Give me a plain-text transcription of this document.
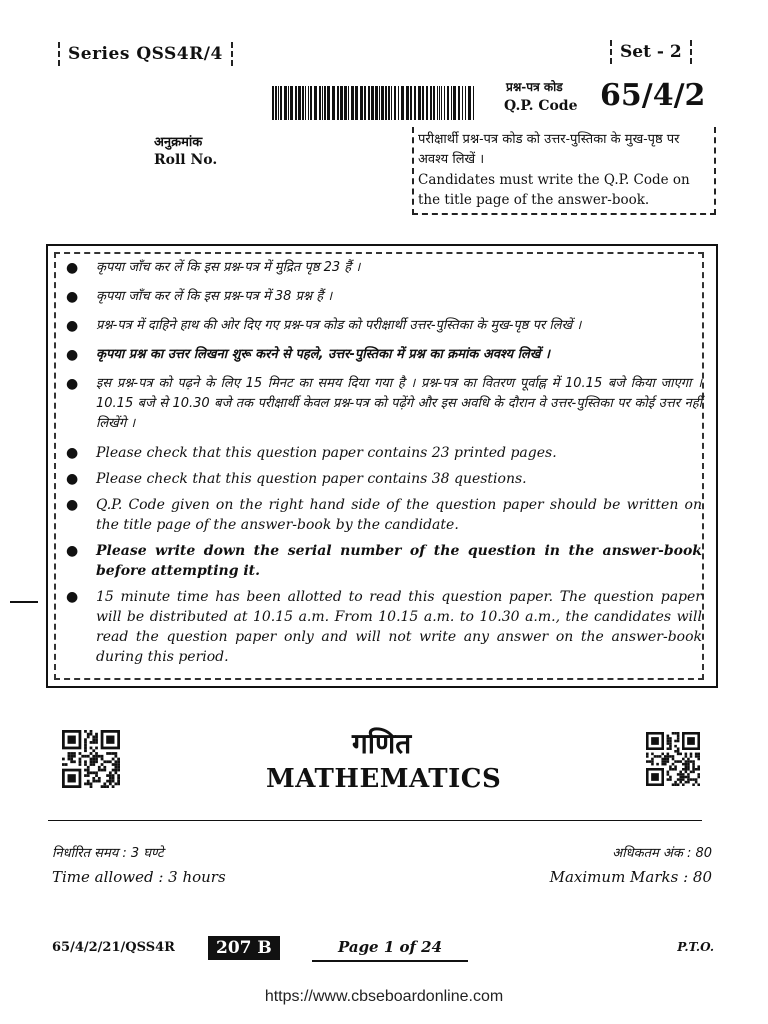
Series QSS4R/4	Set - 2
प्रश्न-पत्र कोड
Q.P. Code 65/4/2
अनुक्रमांक
Roll No.
परीक्षार्थी प्रश्न-पत्र कोड को उत्तर-पुस्तिका के मुख-पृष्ठ पर अवश्य लिखें ।
Candidates must write the Q.P. Code on the title page of the answer-book.
● कृपया जाँच कर लें कि इस प्रश्न-पत्र में मुद्रित पृष्ठ 23 हैं ।
● कृपया जाँच कर लें कि इस प्रश्न-पत्र में 38 प्रश्न हैं ।
● प्रश्न-पत्र में दाहिने हाथ की ओर दिए गए प्रश्न-पत्र कोड को परीक्षार्थी उत्तर-पुस्तिका के मुख-पृष्ठ पर लिखें ।
● कृपया प्रश्न का उत्तर लिखना शुरू करने से पहले, उत्तर-पुस्तिका में प्रश्न का क्रमांक अवश्य लिखें ।
● इस प्रश्न-पत्र को पढ़ने के लिए 15 मिनट का समय दिया गया है । प्रश्न-पत्र का वितरण पूर्वाह्न में 10.15 बजे किया जाएगा । 10.15 बजे से 10.30 बजे तक परीक्षार्थी केवल प्रश्न-पत्र को पढ़ेंगे और इस अवधि के दौरान वे उत्तर-पुस्तिका पर कोई उत्तर नहीं लिखेंगे ।
● Please check that this question paper contains 23 printed pages.
● Please check that this question paper contains 38 questions.
● Q.P. Code given on the right hand side of the question paper should be written on the title page of the answer-book by the candidate.
● Please write down the serial number of the question in the answer-book before attempting it.
● 15 minute time has been allotted to read this question paper. The question paper will be distributed at 10.15 a.m. From 10.15 a.m. to 10.30 a.m., the candidates will read the question paper only and will not write any answer on the answer-book during this period.
गणित
MATHEMATICS
निर्धारित समय : 3 घण्टे
Time allowed : 3 hours
अधिकतम अंक : 80
Maximum Marks : 80
65/4/2/21/QSS4R	207 B	Page 1 of 24	P.T.O.
https://www.cbseboardonline.com
